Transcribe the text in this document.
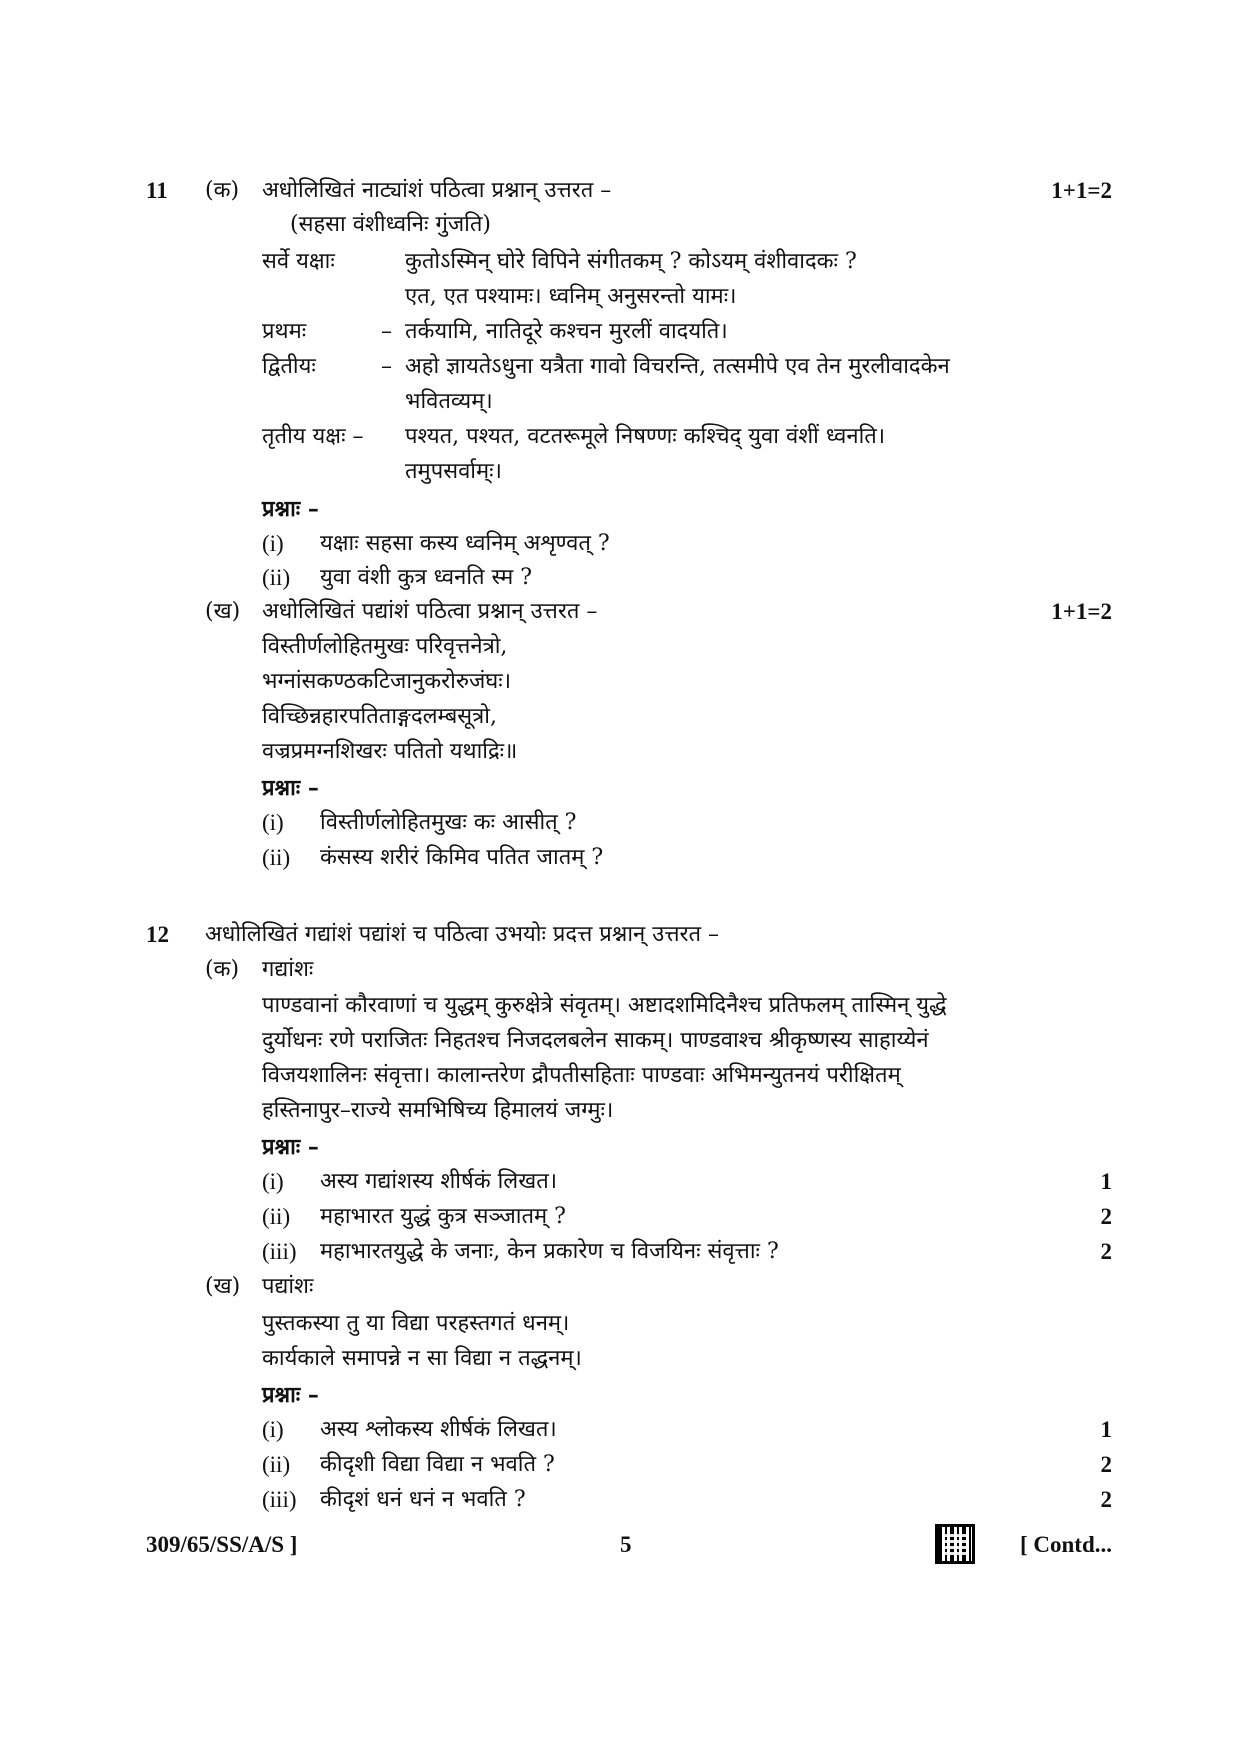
11 (क) अधोलिखितं नाट्यांशं पठित्वा प्रश्नान् उत्तरत –	1+1=2
(सहसा वंशीध्वनिः गुंजति)
सर्वे यक्षाः	कुतोऽस्मिन् घोरे विपिने संगीतकम् ? कोऽयम् वंशीवादकः ?
एत, एत पश्यामः। ध्वनिम् अनुसरन्तो यामः।
प्रथमः	– तर्कयामि, नातिदूरे कश्चन मुरलीं वादयति।
द्वितीयः	– अहो ज्ञायतेऽधुना यत्रैता गावो विचरन्ति, तत्समीपे एव तेन मुरलीवादकेन
भवितव्यम्।
तृतीय यक्षः – पश्यत, पश्यत, वटतरूमूले निषण्णः कश्चिद् युवा वंशीं ध्वनति।
तमुपसर्वाम्ः।
प्रश्नाः –
(i) यक्षाः सहसा कस्य ध्वनिम् अशृण्वत् ?
(ii) युवा वंशी कुत्र ध्वनति स्म ?
(ख) अधोलिखितं पद्यांशं पठित्वा प्रश्नान् उत्तरत –	1+1=2
विस्तीर्णलोहितमुखः परिवृत्तनेत्रो,
भग्नांसकण्ठकटिजानुकरोरुजंघः।
विच्छिन्नहारपतिताङ्गदलम्बसूत्रो,
वज्रप्रमग्नशिखरः पतितो यथाद्रिः॥
प्रश्नाः –
(i) विस्तीर्णलोहितमुखः कः आसीत् ?
(ii) कंसस्य शरीरं किमिव पतित जातम् ?
12 अधोलिखितं गद्यांशं पद्यांशं च पठित्वा उभयोः प्रदत्त प्रश्नान् उत्तरत –
(क) गद्यांशः
पाण्डवानां कौरवाणां च युद्धम् कुरुक्षेत्रे संवृतम्। अष्टादशमिदिनैश्च प्रतिफलम् तास्मिन् युद्धे
दुर्योधनः रणे पराजितः निहतश्च निजदलबलेन साकम्। पाण्डवाश्च श्रीकृष्णस्य साहाय्येनं
विजयशालिनः संवृत्ता। कालान्तरेण द्रौपतीसहिताः पाण्डवाः अभिमन्युतनयं परीक्षितम्
हस्तिनापुर–राज्ये समभिषिच्य हिमालयं जग्मुः।
प्रश्नाः –
(i) अस्य गद्यांशस्य शीर्षकं लिखत।	1
(ii) महाभारत युद्धं कुत्र सञ्जातम् ?	2
(iii) महाभारतयुद्धे के जनाः, केन प्रकारेण च विजयिनः संवृत्ताः ?	2
(ख) पद्यांशः
पुस्तकस्या तु या विद्या परहस्तगतं धनम्।
कार्यकाले समापन्ने न सा विद्या न तद्धनम्।
प्रश्नाः –
(i) अस्य श्लोकस्य शीर्षकं लिखत।	1
(ii) कीदृशी विद्या विद्या न भवति ?	2
(iii) कीदृशं धनं धनं न भवति ?	2
309/65/SS/A/S ]	5	[ Contd...
